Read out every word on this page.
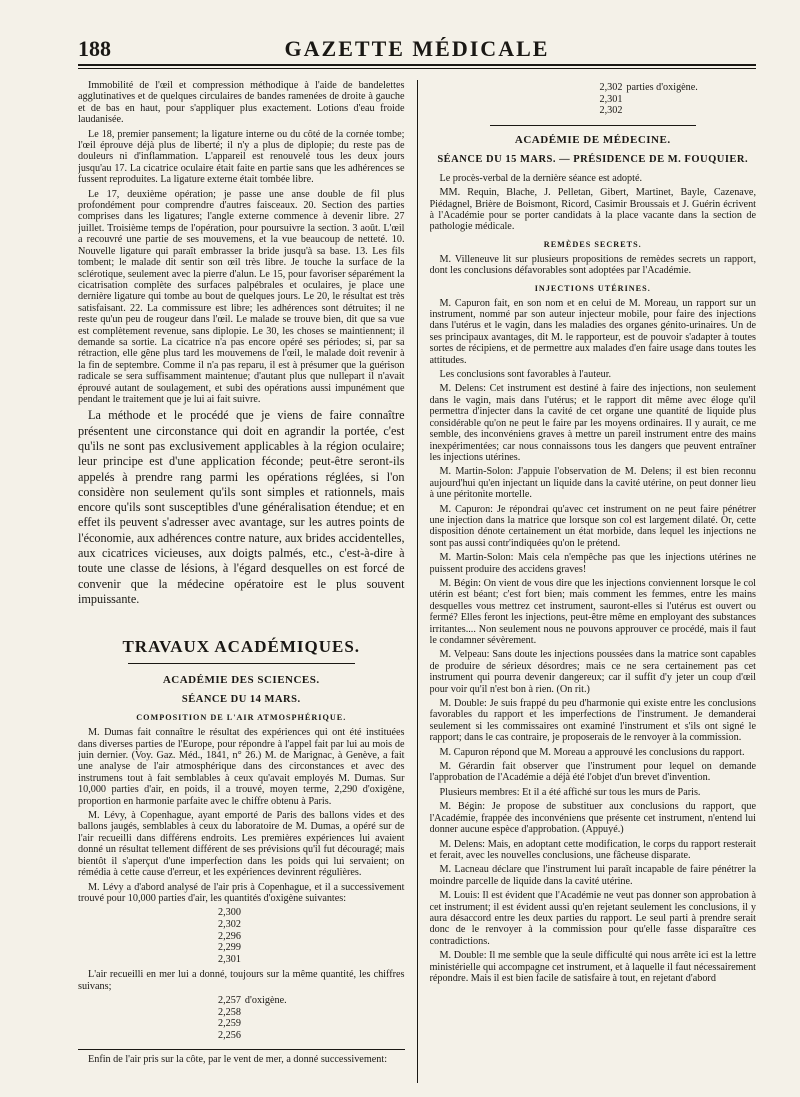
188	GAZETTE MÉDICALE

Immobilité de l'œil et compression méthodique à l'aide de bandelettes agglutinatives et de quelques circulaires de bandes ramenées de droite à gauche et de bas en haut, pour s'appliquer plus exactement. Lotions d'eau froide laudanisée.

Le 18, premier pansement; la ligature interne ou du côté de la cornée tombe; l'œil éprouve déjà plus de liberté; il n'y a plus de diplopie; du reste pas de douleurs ni d'inflammation. L'appareil est renouvelé tous les deux jours jusqu'au 17. La cicatrice oculaire était faite en partie sans que les adhérences se fussent reproduites. La ligature externe était tombée libre.

Le 17, deuxième opération; je passe une anse double de fil plus profondément pour comprendre d'autres faisceaux. 20. Section des parties comprises dans les ligatures; l'angle externe commence à devenir libre. 27 juillet. Troisième temps de l'opération, pour poursuivre la section. 3 août. L'œil a recouvré une partie de ses mouvemens, et la vue beaucoup de netteté. 10. Nouvelle ligature qui paraît embrasser la bride jusqu'à sa base. 13. Les fils tombent; le malade dit sentir son œil très libre. Je touche la surface de la sclérotique, seulement avec la pierre d'alun. Le 15, pour favoriser séparément la cicatrisation complète des surfaces palpébrales et oculaires, je place une dernière ligature qui tombe au bout de quelques jours. Le 20, le résultat est très satisfaisant. 22. La commissure est libre; les adhérences sont détruites; il ne reste qu'un peu de rougeur dans l'œil. Le malade se trouve bien, dit que sa vue est complètement revenue, sans diplopie. Le 30, les choses se maintiennent; il demande sa sortie. La cicatrice n'a pas encore opéré ses périodes; si, par sa rétraction, elle gêne plus tard les mouvemens de l'œil, le malade doit revenir à la fin de septembre. Comme il n'a pas reparu, il est à présumer que la guérison radicale se sera suffisamment maintenue; d'autant plus que nullepart il n'avait éprouvé autant de soulagement, et subi des opérations aussi impunément que pendant le traitement que je lui ai fait suivre.

La méthode et le procédé que je viens de faire connaître présentent une circonstance qui doit en agrandir la portée, c'est qu'ils ne sont pas exclusivement applicables à la région oculaire; leur principe est d'une application féconde; peut-être seront-ils appelés à prendre rang parmi les opérations réglées, si l'on considère non seulement qu'ils sont simples et rationnels, mais encore qu'ils sont susceptibles d'une généralisation étendue; et en effet ils peuvent s'adresser avec avantage, sur les autres points de l'économie, aux adhérences contre nature, aux brides accidentelles, aux cicatrices vicieuses, aux doigts palmés, etc., c'est-à-dire à toute une classe de lésions, à l'égard desquelles on est forcé de convenir que la médecine opératoire est le plus souvent impuissante.

TRAVAUX ACADÉMIQUES.
ACADÉMIE DES SCIENCES.
SÉANCE DU 14 MARS.
COMPOSITION DE L'AIR ATMOSPHÉRIQUE.

M. Dumas fait connaître le résultat des expériences qui ont été instituées dans diverses parties de l'Europe, pour répondre à l'appel fait par lui au mois de juin dernier. (Voy. Gaz. Méd., 1841, n° 26.) M. de Marignac, à Genève, a fait une analyse de l'air atmosphérique dans des circonstances et avec des instrumens tout à fait semblables à ceux qu'avait employés M. Dumas. Sur 10,000 parties d'air, en poids, il a trouvé, moyen terme, 2,290 d'oxigène, proportion en harmonie parfaite avec le chiffre obtenu à Paris.

M. Lévy, à Copenhague, ayant emporté de Paris des ballons vides et des ballons jaugés, semblables à ceux du laboratoire de M. Dumas, a opéré sur de l'air recueilli dans différens endroits. Les premières expériences lui avaient donné un résultat tellement différent de ses prévisions qu'il fut découragé; mais bientôt il s'aperçut d'une imperfection dans les poids qui lui servaient; on rémédia à cette cause d'erreur, et les expériences devinrent régulières.

M. Lévy a d'abord analysé de l'air pris à Copenhague, et il a successivement trouvé pour 10,000 parties d'air, les quantités d'oxigène suivantes:

2,300
2,302
2,296
2,299
2,301

L'air recueilli en mer lui a donné, toujours sur la même quantité, les chiffres suivans;

2,257 d'oxigène.
2,258
2,259
2,256

Enfin de l'air pris sur la côte, par le vent de mer, a donné successivement:

2,302 parties d'oxigène.
2,301
2,302
ACADÉMIE DE MÉDECINE.
SÉANCE DU 15 MARS. — PRÉSIDENCE DE M. FOUQUIER.

Le procès-verbal de la dernière séance est adopté.

MM. Requin, Blache, J. Pelletan, Gibert, Martinet, Bayle, Cazenave, Piédagnel, Brière de Boismont, Ricord, Casimir Broussais et J. Guérin écrivent à l'Académie pour se porter candidats à la place vacante dans la section de pathologie médicale.

REMÈDES SECRETS.

M. Villeneuve lit sur plusieurs propositions de remèdes secrets un rapport, dont les conclusions défavorables sont adoptées par l'Académie.

INJECTIONS UTÉRINES.

M. Capuron fait, en son nom et en celui de M. Moreau, un rapport sur un instrument, nommé par son auteur injecteur mobile, pour faire des injections dans l'utérus et le vagin, dans les maladies des organes génito-urinaires. Un de ses principaux avantages, dit M. le rapporteur, est de pouvoir s'adapter à toutes sortes de récipiens, et de permettre aux malades d'en faire usage dans toutes les attitudes.

Les conclusions sont favorables à l'auteur.

M. Delens: Cet instrument est destiné à faire des injections, non seulement dans le vagin, mais dans l'utérus; et le rapport dit même avec éloge qu'il permettra d'injecter dans la cavité de cet organe une quantité de liquide plus considérable qu'on ne peut le faire par les moyens ordinaires. Il y aurait, ce me semble, des inconvéniens graves à mettre un pareil instrument entre des mains inexpérimentées; car nous connaissons tous les dangers que peuvent entraîner les injections utérines.

M. Martin-Solon: J'appuie l'observation de M. Delens; il est bien reconnu aujourd'hui qu'en injectant un liquide dans la cavité utérine, on peut donner lieu à une péritonite mortelle.

M. Capuron: Je répondrai qu'avec cet instrument on ne peut faire pénétrer une injection dans la matrice que lorsque son col est largement dilaté. Or, cette disposition dénote certainement un état morbide, dans lequel les injections ne sont pas aussi contr'indiquées qu'on le prétend.

M. Martin-Solon: Mais cela n'empêche pas que les injections utérines ne puissent produire des accidens graves!

M. Bégin: On vient de vous dire que les injections conviennent lorsque le col utérin est béant; c'est fort bien; mais comment les femmes, entre les mains desquelles vous mettrez cet instrument, sauront-elles si l'utérus est ouvert ou fermé? Elles feront les injections, peut-être même en employant des substances irritantes.... Non seulement nous ne pouvons approuver ce procédé, mais il faut le condamner sévèrement.

M. Velpeau: Sans doute les injections poussées dans la matrice sont capables de produire de sérieux désordres; mais ce ne sera certainement pas cet instrument qui pourra devenir dangereux; car il suffit d'y jeter un coup d'œil pour voir qu'il n'est bon à rien. (On rit.)

M. Double: Je suis frappé du peu d'harmonie qui existe entre les conclusions favorables du rapport et les imperfections de l'instrument. Je demanderai seulement si les commissaires ont examiné l'instrument et s'ils ont signé le rapport; dans le cas contraire, je proposerais de le renvoyer à la commission.

M. Capuron répond que M. Moreau a approuvé les conclusions du rapport.

M. Gérardin fait observer que l'instrument pour lequel on demande l'approbation de l'Académie a déjà été l'objet d'un brevet d'invention.

Plusieurs membres: Et il a été affiché sur tous les murs de Paris.

M. Bégin: Je propose de substituer aux conclusions du rapport, que l'Académie, frappée des inconvéniens que présente cet instrument, n'entend lui donner aucune espèce d'approbation. (Appuyé.)

M. Delens: Mais, en adoptant cette modification, le corps du rapport resterait et ferait, avec les nouvelles conclusions, une fâcheuse disparate.

M. Lacneau déclare que l'instrument lui paraît incapable de faire pénétrer la moindre parcelle de liquide dans la cavité utérine.

M. Louis: Il est évident que l'Académie ne veut pas donner son approbation à cet instrument; il est évident aussi qu'en rejetant seulement les conclusions, il y aura désaccord entre les deux parties du rapport. Le seul parti à prendre serait donc de le renvoyer à la commission pour qu'elle fasse disparaître ces contradictions.

M. Double: Il me semble que la seule difficulté qui nous arrête ici est la lettre ministérielle qui accompagne cet instrument, et à laquelle il faut nécessairement répondre. Mais il est bien facile de satisfaire à tout, en rejetant d'abord
